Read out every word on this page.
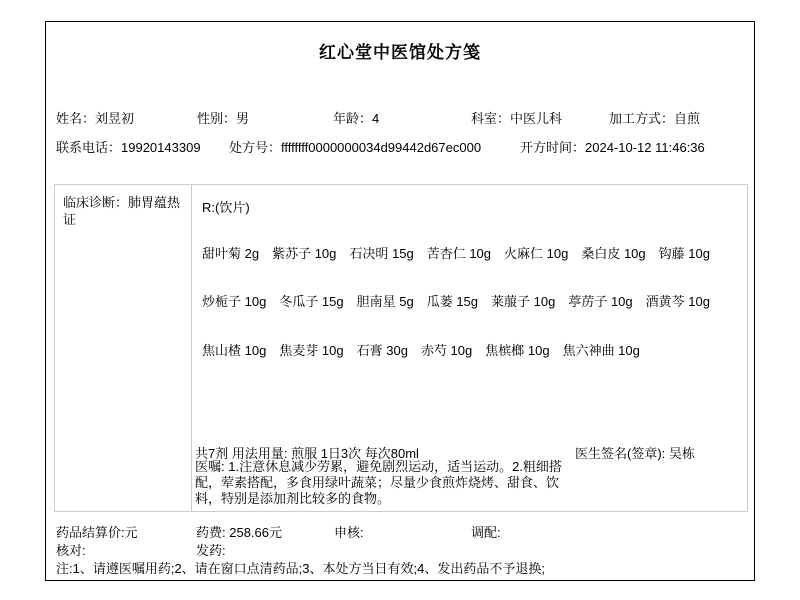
红心堂中医馆处方笺
姓名：刘昱初	性别：男	年龄：4	科室：中医儿科	加工方式：自煎
联系电话：19920143309 处方号：ffffffff0000000034d99442d67ec000	开方时间：2024-10-12 11:46:36
临床诊断：肺胃蕴热证
R:(饮片)
甜叶菊 2g 紫苏子 10g 石决明 15g 苦杏仁 10g 火麻仁 10g 桑白皮 10g 钩藤 10g
炒栀子 10g 冬瓜子 15g 胆南星 5g 瓜蒌 15g 莱菔子 10g 葶苈子 10g 酒黄芩 10g
焦山楂 10g 焦麦芽 10g 石膏 30g 赤芍 10g 焦槟榔 10g 焦六神曲 10g
共7剂 用法用量: 煎服 1日3次 每次80ml	医生签名(签章): 吴栋
医嘱: 1.注意休息减少劳累，避免剧烈运动，适当运动。2.粗细搭配，荤素搭配，多食用绿叶蔬菜；尽量少食煎炸烧烤、甜食、饮料，特别是添加剂比较多的食物。
药品结算价:元	药费: 258.66元	申核:	调配:
核对:	发药:
注:1、请遵医嘱用药;2、请在窗口点清药品;3、本处方当日有效;4、发出药品不予退换;
